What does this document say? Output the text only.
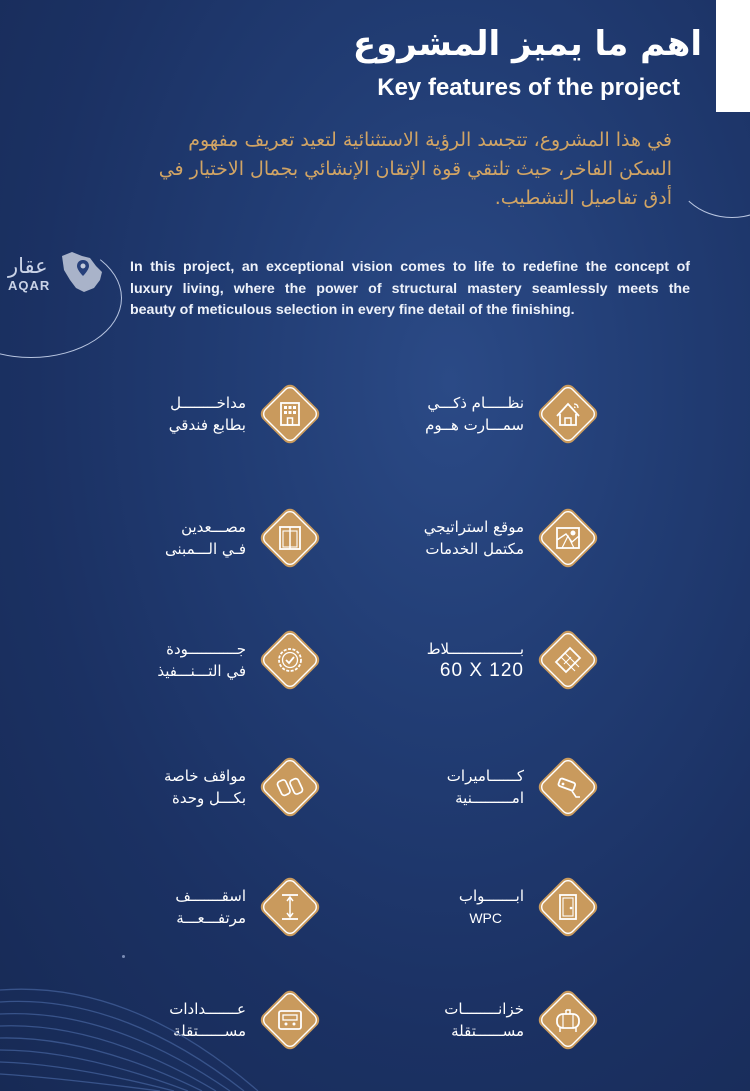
اهم ما يميز المشروع
Key features of the project
في هذا المشروع، تتجسد الرؤية الاستثنائية لتعيد تعريف مفهوم
السكن الفاخر، حيث تلتقي قوة الإتقان الإنشائي بجمال الاختيار في
أدق تفاصيل التشطيب.
عقار
AQAR
In this project, an exceptional vision comes to life to redefine the concept of
luxury living, where the power of structural mastery seamlessly meets the
beauty of meticulous selection in every fine detail of the finishing.
نظـــــام ذكـــي
سمـــارت هــوم
مداخــــــــل
بطابع فندقي
موقع استراتيجي
مكتمل الخدمات
مصـــعدين
فـي الـــمبنى
بــــــــــــــــلاط
60 X 120
جـــــــــــودة
في التـــنـــفيذ
كــــــاميرات
امـــــــــنية
مواقف خاصة
بكـــل وحدة
ابـــــــواب
WPC
اسقـــــــف
مرتفـــعـــة
خزانــــــــات
مســــــتقلة
عـــــــدادات
مســــــتقلة
